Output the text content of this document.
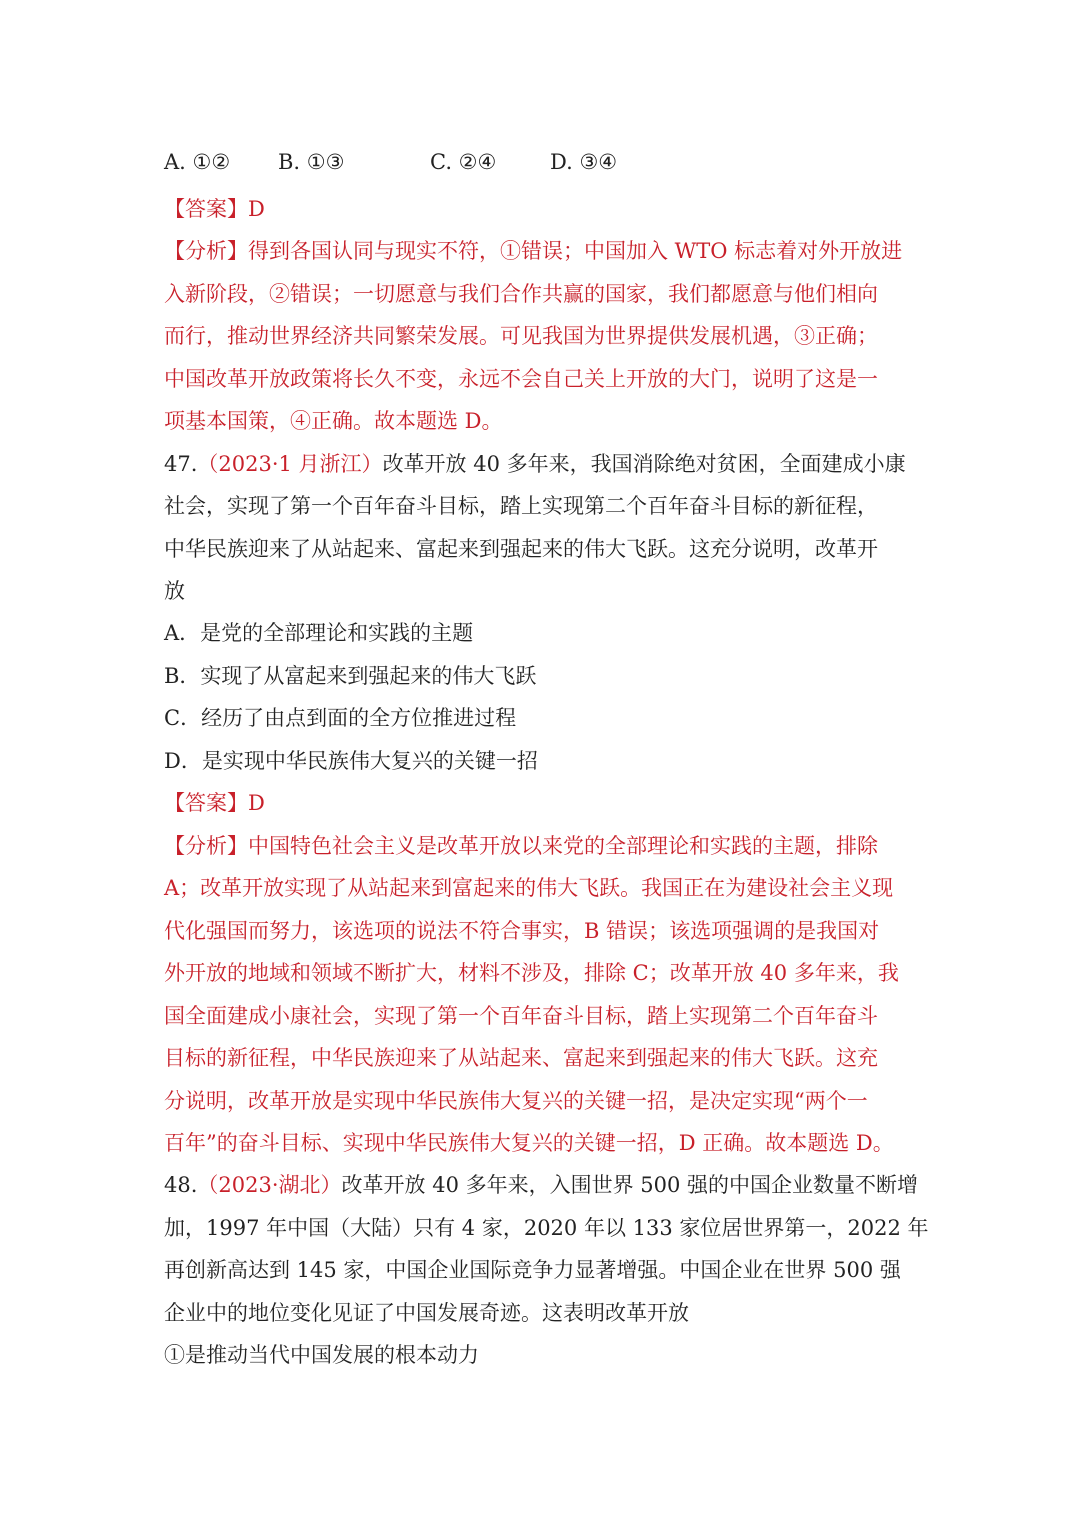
A. ①② B. ①③	C. ②④	D. ③④
【答案】D
【分析】得到各国认同与现实不符，①错误；中国加入 WTO 标志着对外开放进
入新阶段，②错误；一切愿意与我们合作共赢的国家，我们都愿意与他们相向
而行，推动世界经济共同繁荣发展。可见我国为世界提供发展机遇，③正确；
中国改革开放政策将长久不变，永远不会自己关上开放的大门，说明了这是一
项基本国策，④正确。故本题选 D。
47.（2023·1 月浙江）改革开放 40 多年来，我国消除绝对贫困，全面建成小康
社会，实现了第一个百年奋斗目标，踏上实现第二个百年奋斗目标的新征程，
中华民族迎来了从站起来、富起来到强起来的伟大飞跃。这充分说明，改革开
放
A．是党的全部理论和实践的主题
B．实现了从富起来到强起来的伟大飞跃
C．经历了由点到面的全方位推进过程
D．是实现中华民族伟大复兴的关键一招
【答案】D
【分析】中国特色社会主义是改革开放以来党的全部理论和实践的主题，排除
A；改革开放实现了从站起来到富起来的伟大飞跃。我国正在为建设社会主义现
代化强国而努力，该选项的说法不符合事实，B 错误；该选项强调的是我国对
外开放的地域和领域不断扩大，材料不涉及，排除 C；改革开放 40 多年来，我
国全面建成小康社会，实现了第一个百年奋斗目标，踏上实现第二个百年奋斗
目标的新征程，中华民族迎来了从站起来、富起来到强起来的伟大飞跃。这充
分说明，改革开放是实现中华民族伟大复兴的关键一招，是决定实现“两个一
百年”的奋斗目标、实现中华民族伟大复兴的关键一招，D 正确。故本题选 D。
48.（2023·湖北）改革开放 40 多年来，入围世界 500 强的中国企业数量不断增
加，1997 年中国（大陆）只有 4 家，2020 年以 133 家位居世界第一，2022 年
再创新高达到 145 家，中国企业国际竞争力显著增强。中国企业在世界 500 强
企业中的地位变化见证了中国发展奇迹。这表明改革开放
①是推动当代中国发展的根本动力
